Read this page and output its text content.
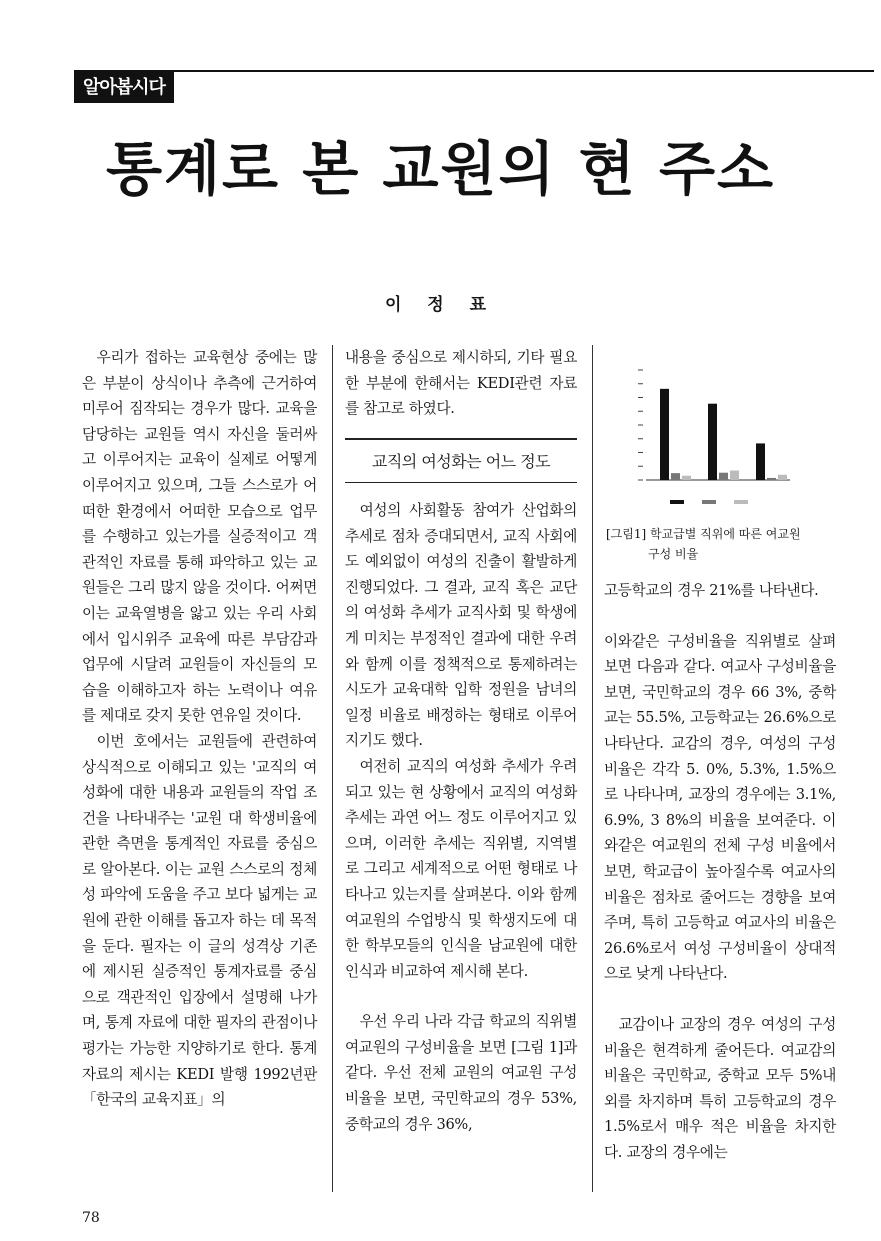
알아봅시다
통계로 본 교원의 현 주소
이 정 표

우리가 접하는 교육현상 중에는 많은 부분이 상식이나 추측에 근거하여 미루어 짐작되는 경우가 많다. 교육을 담당하는 교원들 역시 자신을 둘러싸고 이루어지는 교육이 실제로 어떻게 이루어지고 있으며, 그들 스스로가 어떠한 환경에서 어떠한 모습으로 업무를 수행하고 있는가를 실증적이고 객관적인 자료를 통해 파악하고 있는 교원들은 그리 많지 않을 것이다. 어쩌면 이는 교육열병을 앓고 있는 우리 사회에서 입시위주 교육에 따른 부담감과 업무에 시달려 교원들이 자신들의 모습을 이해하고자 하는 노력이나 여유를 제대로 갖지 못한 연유일 것이다.

이번 호에서는 교원들에 관련하여 상식적으로 이해되고 있는 '교직의 여성화에 대한 내용과 교원들의 작업 조건을 나타내주는 '교원 대 학생비율에 관한 측면을 통계적인 자료를 중심으로 알아본다. 이는 교원 스스로의 정체성 파악에 도움을 주고 보다 넓게는 교원에 관한 이해를 돕고자 하는 데 목적을 둔다. 필자는 이 글의 성격상 기존에 제시된 실증적인 통계자료를 중심으로 객관적인 입장에서 설명해 나가며, 통계 자료에 대한 필자의 관점이나 평가는 가능한 지양하기로 한다. 통계자료의 제시는 KEDI 발행 1992년판 「한국의 교육지표」의

내용을 중심으로 제시하되, 기타 필요한 부분에 한해서는 KEDI관련 자료를 참고로 하였다.

교직의 여성화는 어느 정도

여성의 사회활동 참여가 산업화의 추세로 점차 증대되면서, 교직 사회에도 예외없이 여성의 진출이 활발하게 진행되었다. 그 결과, 교직 혹은 교단의 여성화 추세가 교직사회 및 학생에게 미치는 부정적인 결과에 대한 우려와 함께 이를 정책적으로 통제하려는 시도가 교육대학 입학 정원을 남녀의 일정 비율로 배정하는 형태로 이루어지기도 했다.

여전히 교직의 여성화 추세가 우려되고 있는 현 상황에서 교직의 여성화 추세는 과연 어느 정도 이루어지고 있으며, 이러한 추세는 직위별, 지역별로 그리고 세계적으로 어떤 형태로 나타나고 있는지를 살펴본다. 이와 함께 여교원의 수업방식 및 학생지도에 대한 학부모들의 인식을 남교원에 대한 인식과 비교하여 제시해 본다.

우선 우리 나라 각급 학교의 직위별 여교원의 구성비율을 보면 [그림 1]과 같다. 우선 전체 교원의 여교원 구성 비율을 보면, 국민학교의 경우 53%, 중학교의 경우 36%,

[그림1] 학교급별 직위에 따른 여교원
구성 비율

고등학교의 경우 21%를 나타낸다.

이와같은 구성비율을 직위별로 살펴보면 다음과 같다. 여교사 구성비율을 보면, 국민학교의 경우 66 3%, 중학교는 55.5%, 고등학교는 26.6%으로 나타난다. 교감의 경우, 여성의 구성비율은 각각 5. 0%, 5.3%, 1.5%으로 나타나며, 교장의 경우에는 3.1%, 6.9%, 3 8%의 비율을 보여준다. 이와같은 여교원의 전체 구성 비율에서 보면, 학교급이 높아질수록 여교사의 비율은 점차로 줄어드는 경향을 보여주며, 특히 고등학교 여교사의 비율은 26.6%로서 여성 구성비율이 상대적으로 낮게 나타난다.

교감이나 교장의 경우 여성의 구성 비율은 현격하게 줄어든다. 여교감의 비율은 국민학교, 중학교 모두 5%내외를 차지하며 특히 고등학교의 경우 1.5%로서 매우 적은 비율을 차지한다. 교장의 경우에는

78
